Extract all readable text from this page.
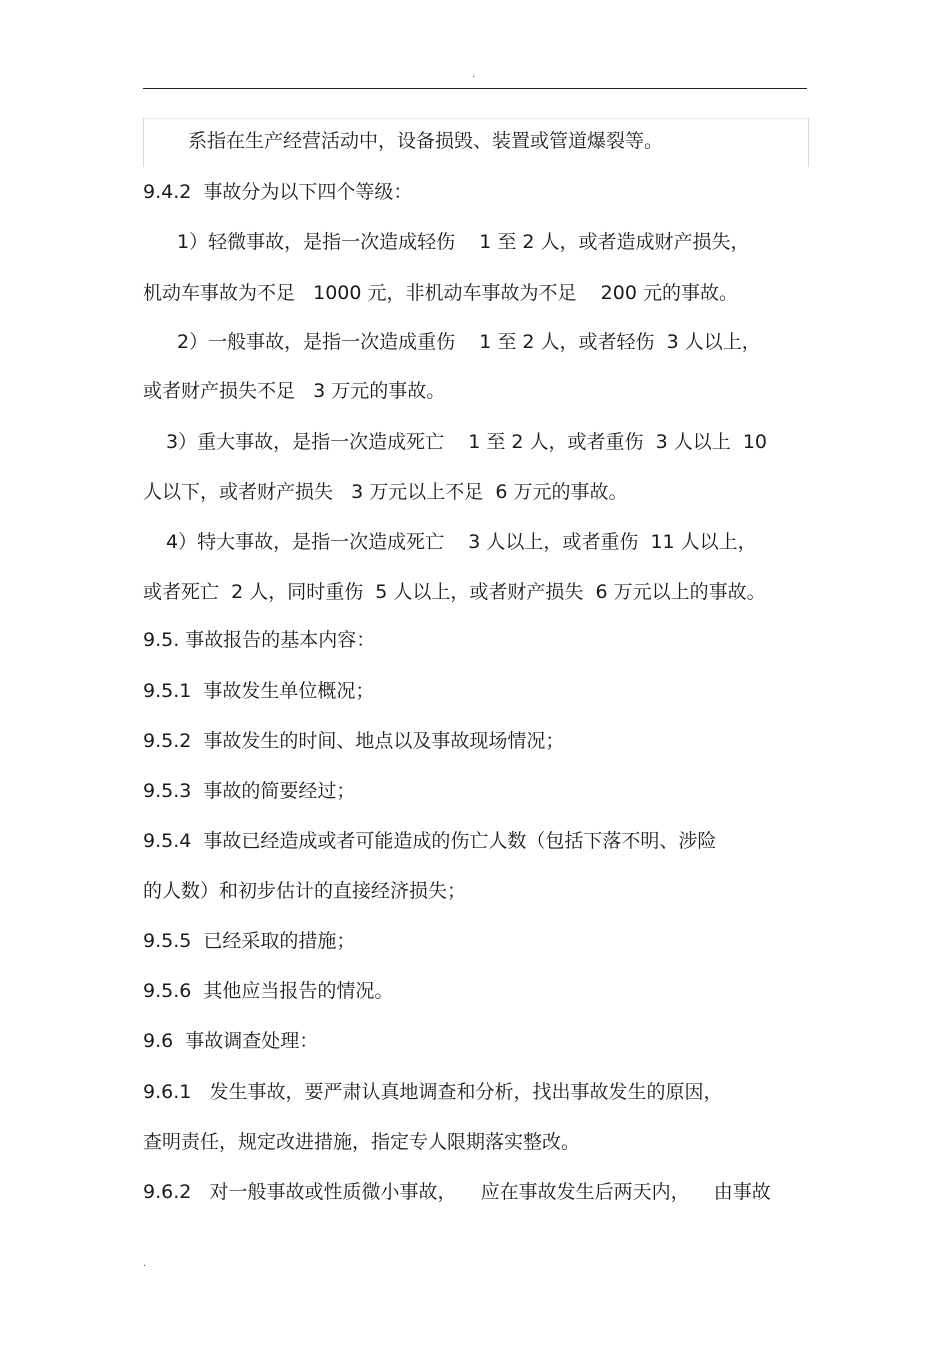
.
系指在生产经营活动中，设备损毁、装置或管道爆裂等。
9.4.2  事故分为以下四个等级：
1）轻微事故，是指一次造成轻伤    1 至 2 人，或者造成财产损失，
机动车事故为不足   1000 元，非机动车事故为不足    200 元的事故。
2）一般事故，是指一次造成重伤    1 至 2 人，或者轻伤  3 人以上，
或者财产损失不足   3 万元的事故。
3）重大事故，是指一次造成死亡    1 至 2 人，或者重伤  3 人以上  10
人以下，或者财产损失   3 万元以上不足  6 万元的事故。
4）特大事故，是指一次造成死亡    3 人以上，或者重伤  11 人以上，
或者死亡  2 人，同时重伤  5 人以上，或者财产损失  6 万元以上的事故。
9.5. 事故报告的基本内容：
9.5.1  事故发生单位概况；
9.5.2  事故发生的时间、地点以及事故现场情况；
9.5.3  事故的简要经过；
9.5.4  事故已经造成或者可能造成的伤亡人数（包括下落不明、涉险
的人数）和初步估计的直接经济损失；
9.5.5  已经采取的措施；
9.5.6  其他应当报告的情况。
9.6  事故调查处理：
9.6.1   发生事故，要严肃认真地调查和分析，找出事故发生的原因，
查明责任，规定改进措施，指定专人限期落实整改。
9.6.2   对一般事故或性质微小事故，    应在事故发生后两天内，    由事故
.
